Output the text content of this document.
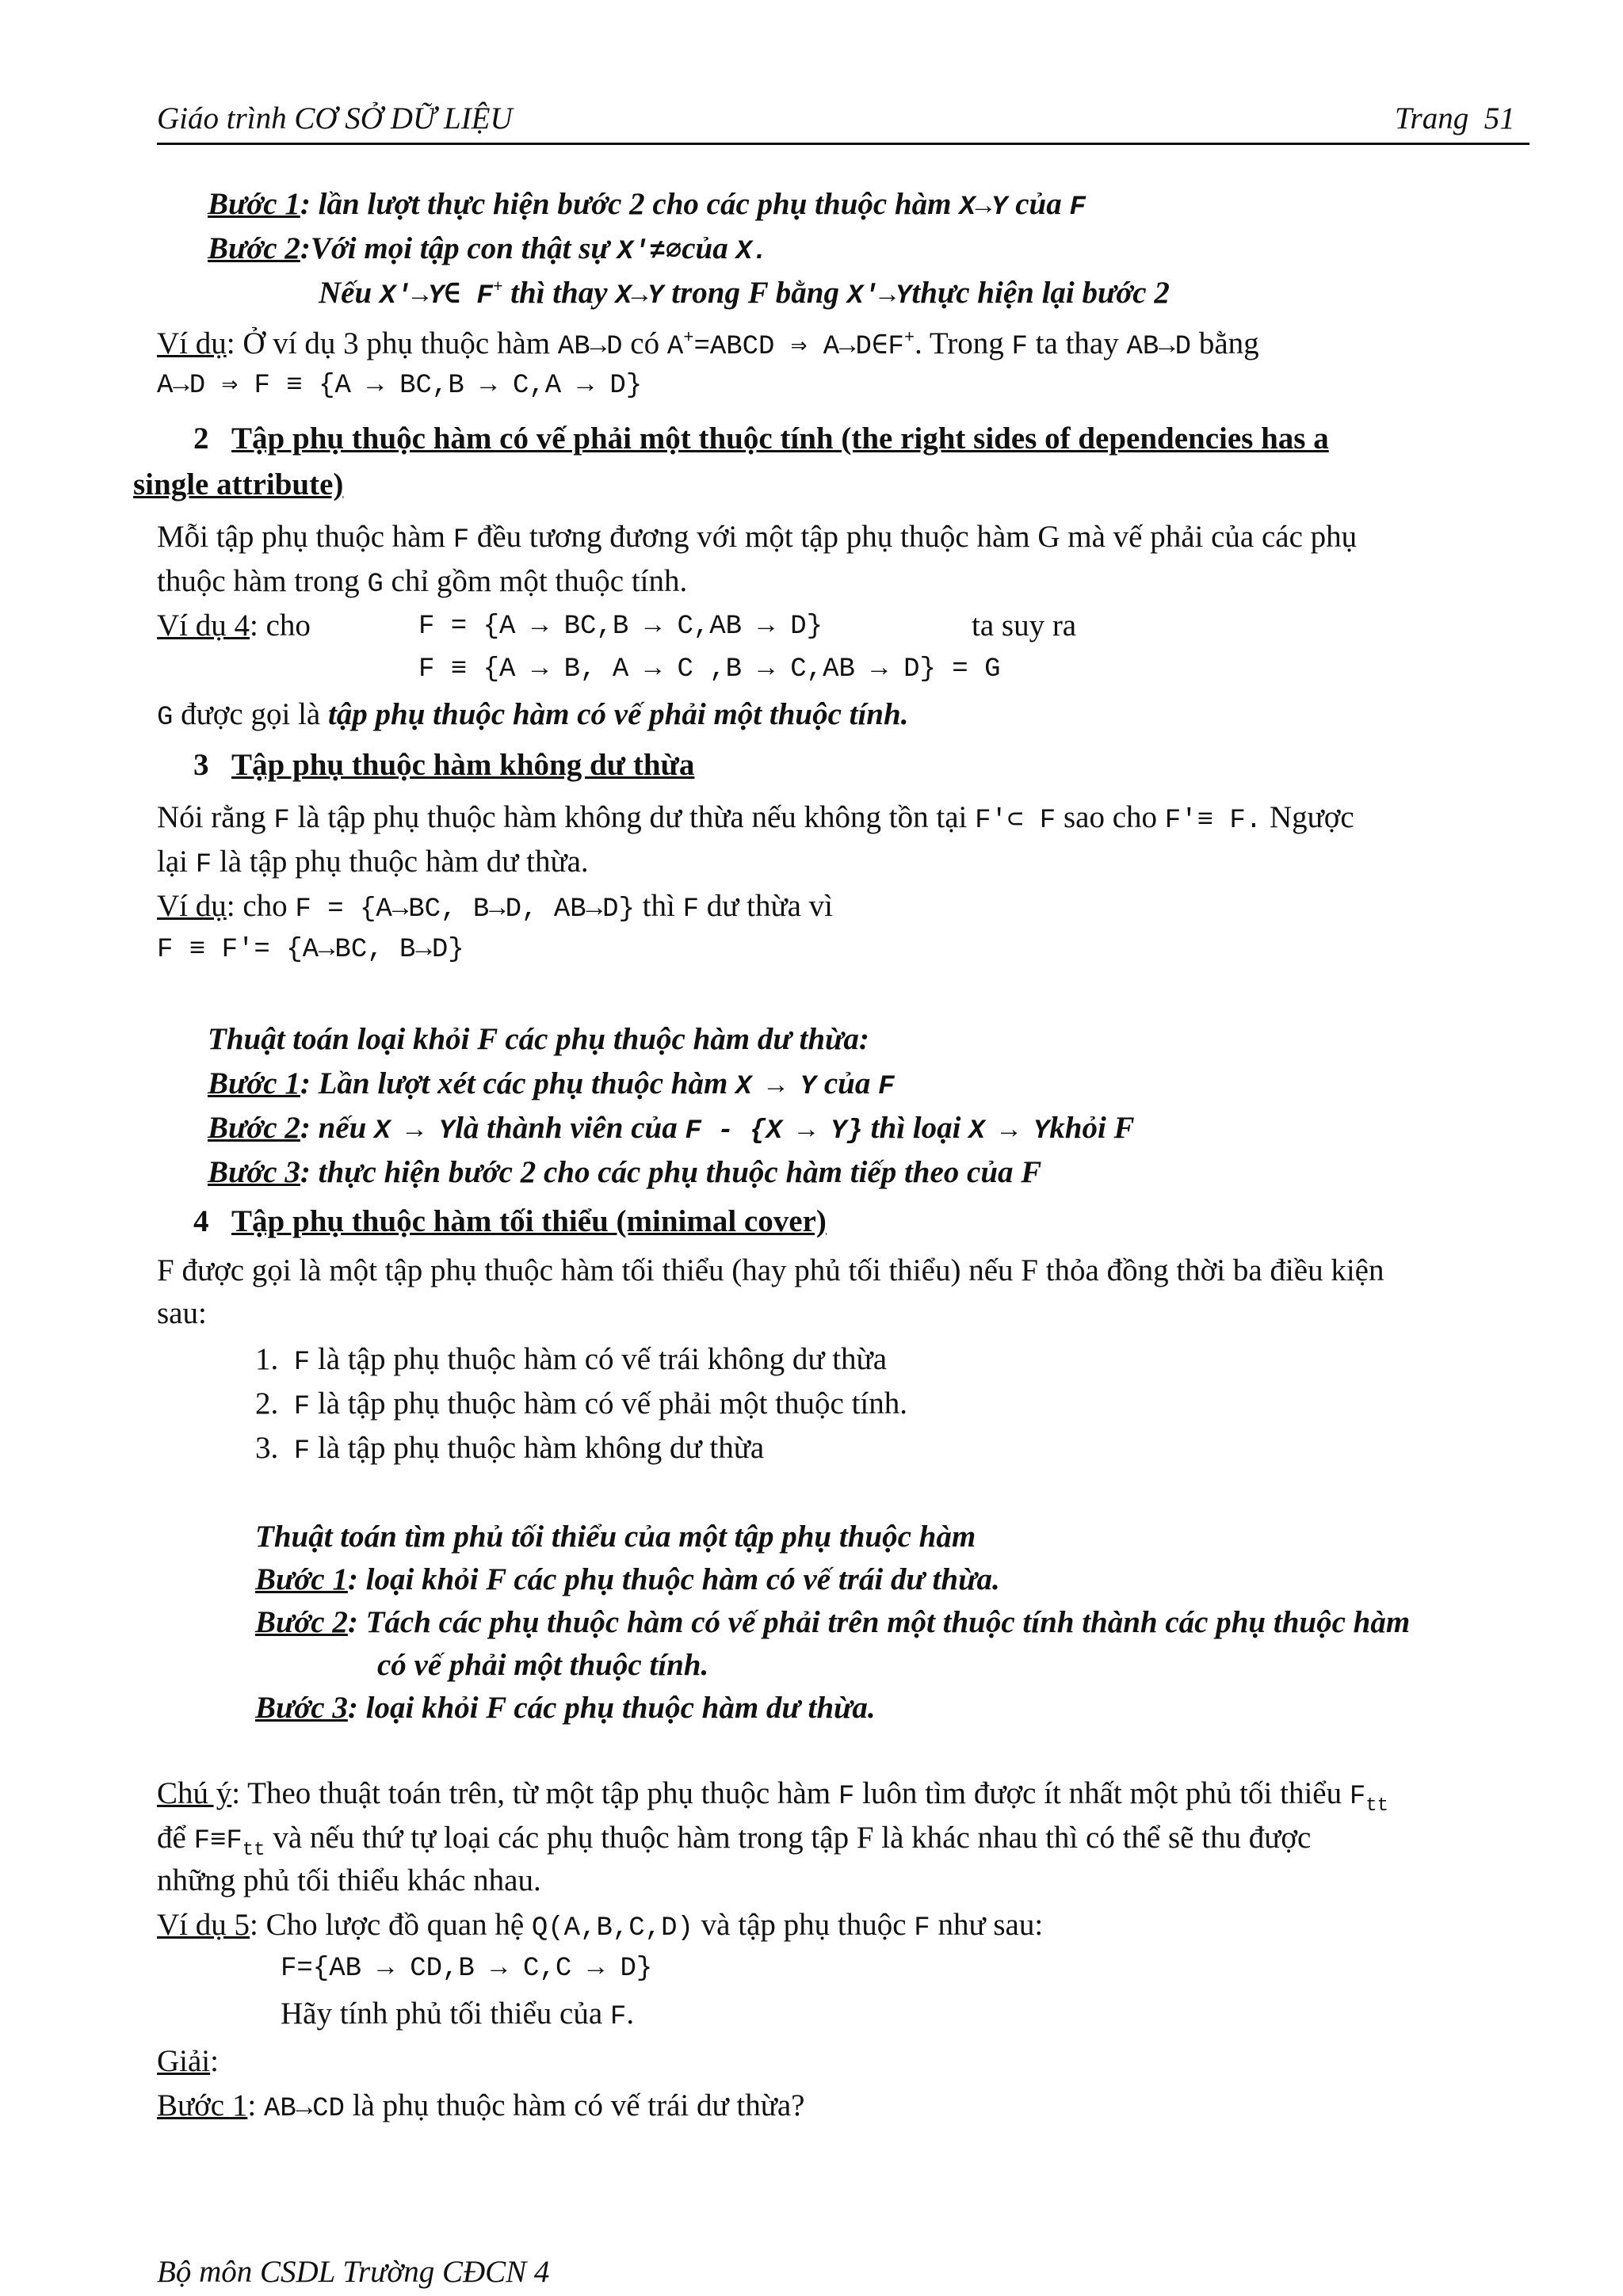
Giáo trình CƠ SỞ DỮ LIỆU	Trang 51
Bước 1: lần lượt thực hiện bước 2 cho các phụ thuộc hàm X→Y của F
Bước 2:Với mọi tập con thật sự X'≠∅của X.
Nếu X'→Y∈ F+ thì thay X→Y trong F bằng X'→Ythực hiện lại bước 2
Ví dụ: Ở ví dụ 3 phụ thuộc hàm AB→D có A+=ABCD ⇒ A→D∈F+. Trong F ta thay AB→D bằng
A→D ⇒ F ≡ {A → BC,B → C,A → D}
2 Tập phụ thuộc hàm có vế phải một thuộc tính (the right sides of dependencies has a
single attribute)
Mỗi tập phụ thuộc hàm F đều tương đương với một tập phụ thuộc hàm G mà vế phải của các phụ
thuộc hàm trong G chỉ gồm một thuộc tính.
Ví dụ 4: cho	F = {A → BC,B → C,AB → D}	ta suy ra
F ≡ {A → B, A → C ,B → C,AB → D} = G
G được gọi là tập phụ thuộc hàm có vế phải một thuộc tính.
3 Tập phụ thuộc hàm không dư thừa
Nói rằng F là tập phụ thuộc hàm không dư thừa nếu không tồn tại F'⊂ F sao cho F'≡ F. Ngược
lại F là tập phụ thuộc hàm dư thừa.
Ví dụ: cho F = {A→BC, B→D, AB→D} thì F dư thừa vì
F ≡ F'= {A→BC, B→D}
Thuật toán loại khỏi F các phụ thuộc hàm dư thừa:
Bước 1: Lần lượt xét các phụ thuộc hàm X → Y của F
Bước 2: nếu X → Ylà thành viên của F - {X → Y} thì loại X → Ykhỏi F
Bước 3: thực hiện bước 2 cho các phụ thuộc hàm tiếp theo của F
4 Tập phụ thuộc hàm tối thiểu (minimal cover)
F được gọi là một tập phụ thuộc hàm tối thiểu (hay phủ tối thiểu) nếu F thỏa đồng thời ba điều kiện
sau:
1. F là tập phụ thuộc hàm có vế trái không dư thừa
2. F là tập phụ thuộc hàm có vế phải một thuộc tính.
3. F là tập phụ thuộc hàm không dư thừa
Thuật toán tìm phủ tối thiểu của một tập phụ thuộc hàm
Bước 1: loại khỏi F các phụ thuộc hàm có vế trái dư thừa.
Bước 2: Tách các phụ thuộc hàm có vế phải trên một thuộc tính thành các phụ thuộc hàm
có vế phải một thuộc tính.
Bước 3: loại khỏi F các phụ thuộc hàm dư thừa.
Chú ý: Theo thuật toán trên, từ một tập phụ thuộc hàm F luôn tìm được ít nhất một phủ tối thiểu $F_{tt}$
để $F\equiv F_{tt}$ và nếu thứ tự loại các phụ thuộc hàm trong tập F là khác nhau thì có thể sẽ thu được
những phủ tối thiểu khác nhau.
Ví dụ 5: Cho lược đồ quan hệ Q(A,B,C,D) và tập phụ thuộc F như sau:
F={AB → CD,B → C,C → D}
Hãy tính phủ tối thiểu của F.
Giải:
Bước 1: AB→CD là phụ thuộc hàm có vế trái dư thừa?
Bộ môn CSDL Trường CĐCN 4
